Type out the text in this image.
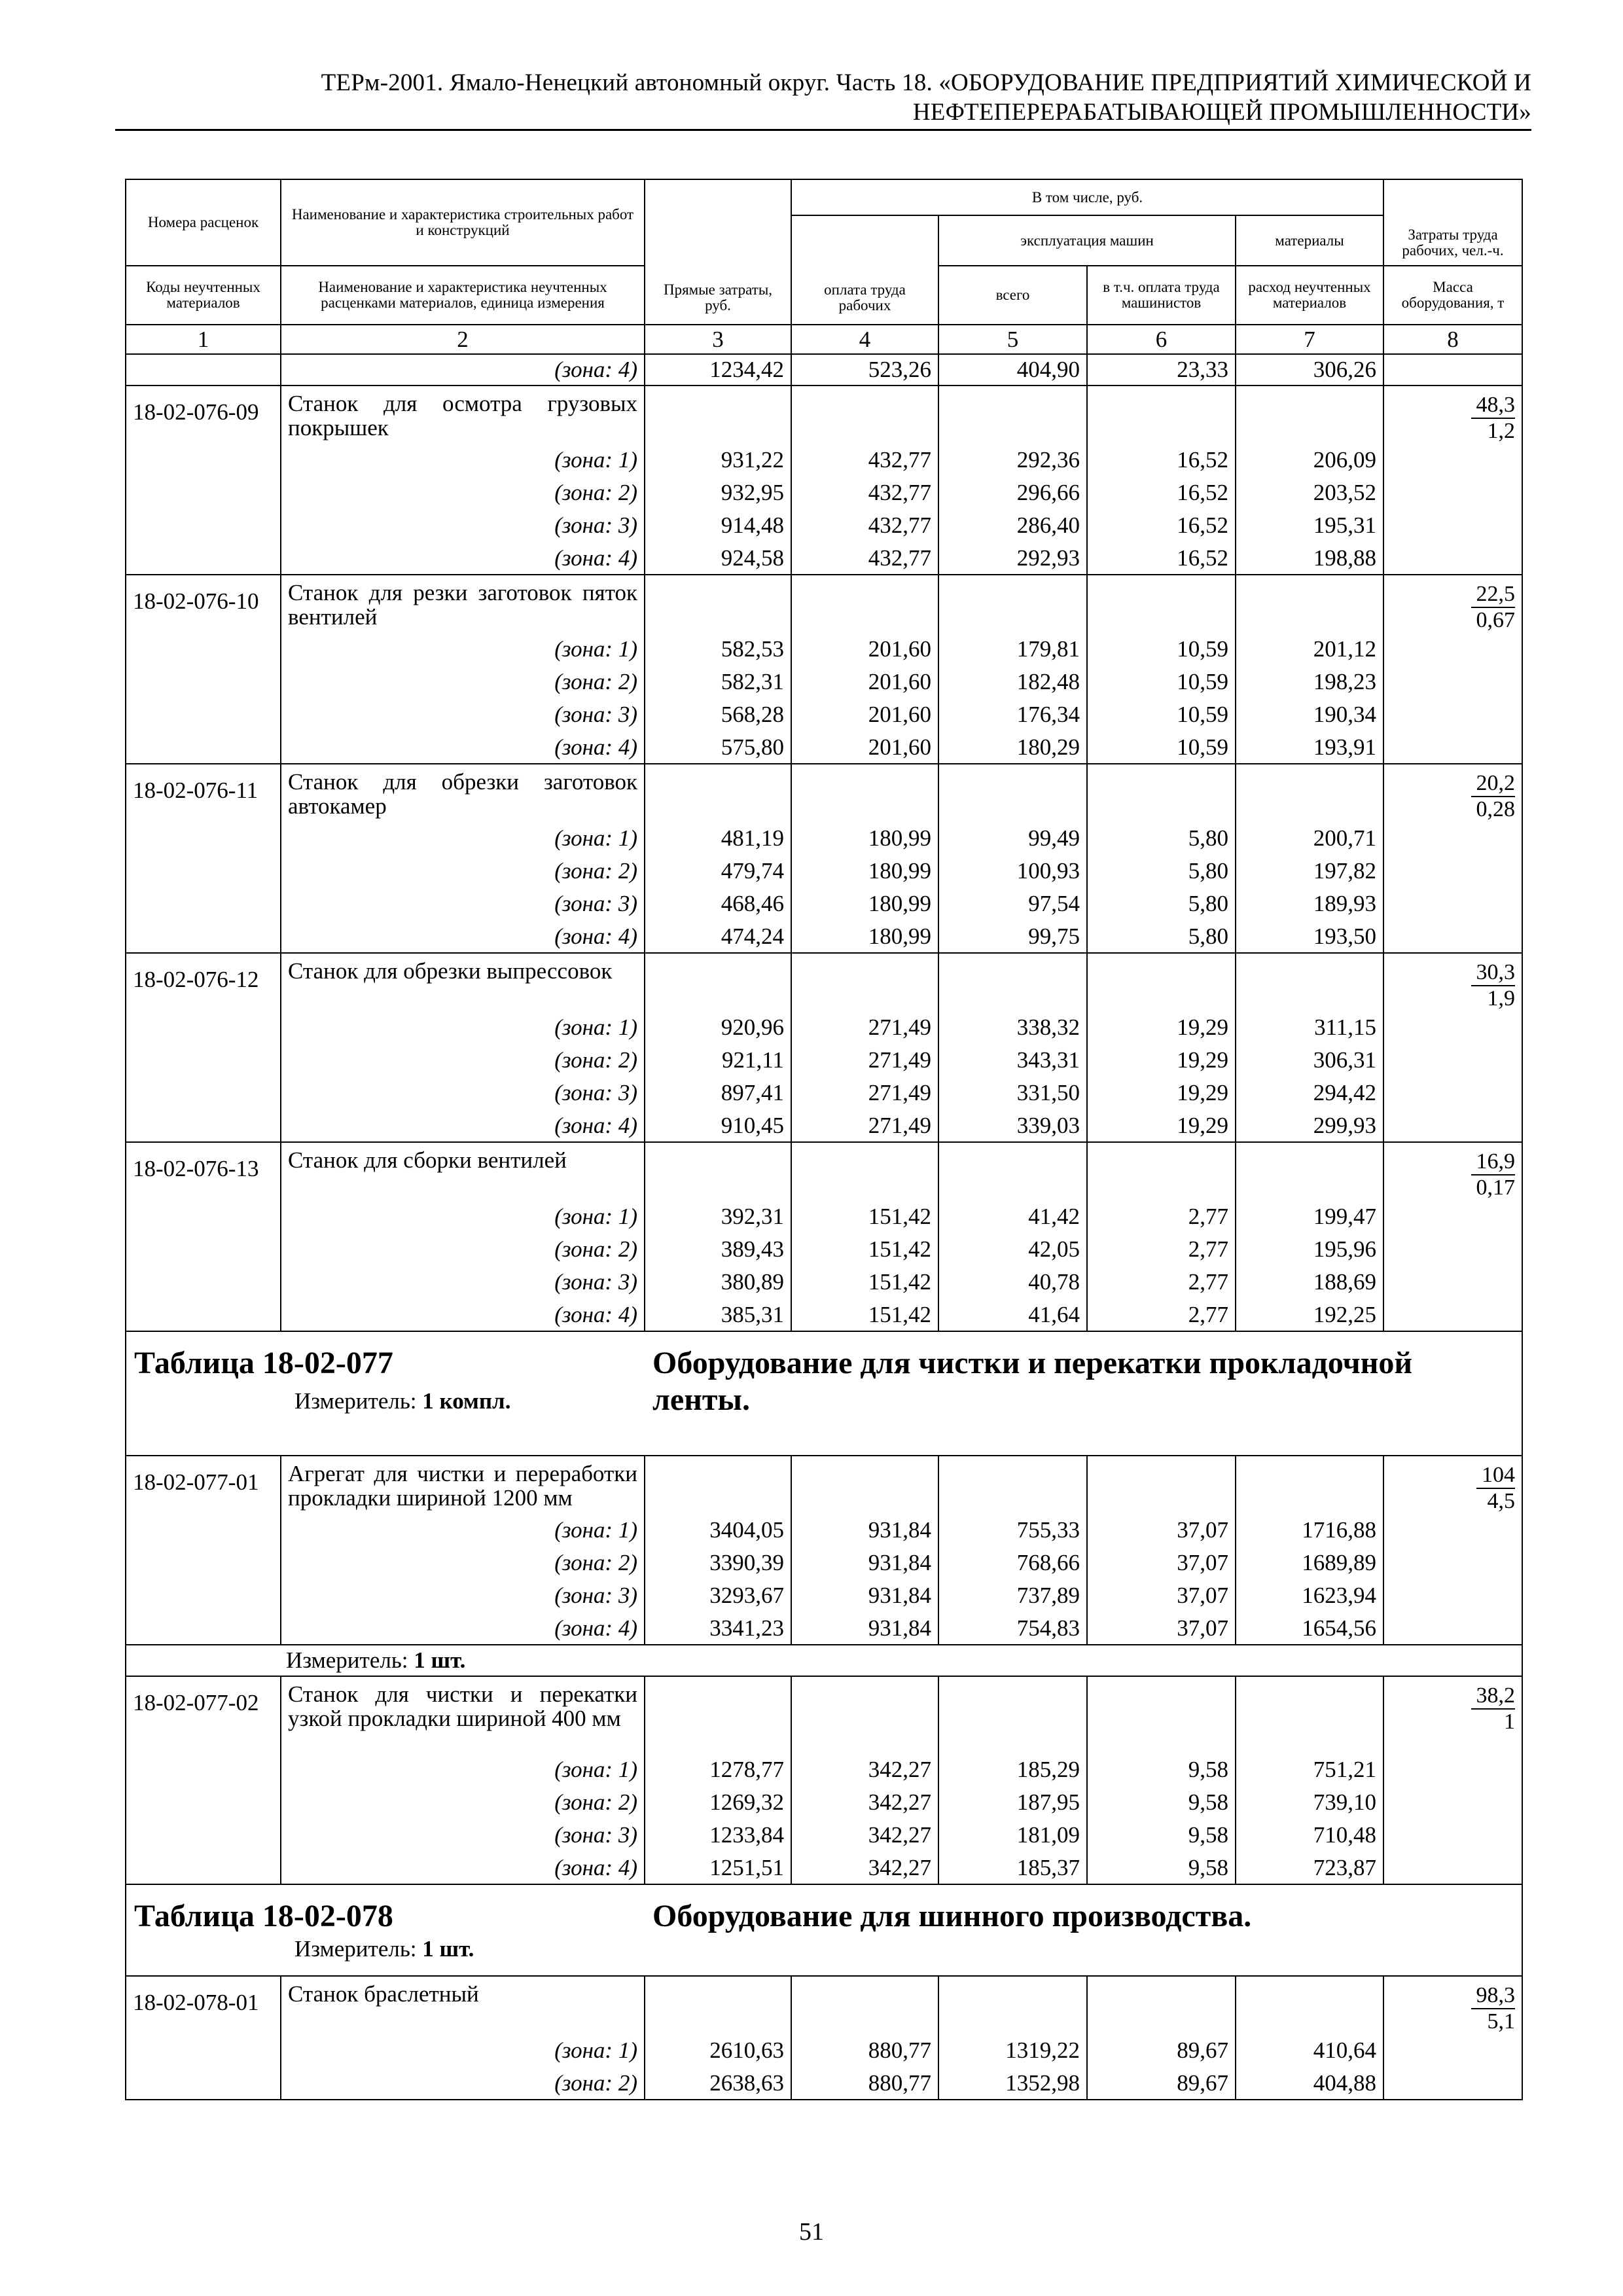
ТЕРм-2001. Ямало-Ненецкий автономный округ. Часть 18. «ОБОРУДОВАНИЕ ПРЕДПРИЯТИЙ ХИМИЧЕСКОЙ И
НЕФТЕПЕРЕРАБАТЫВАЮЩЕЙ ПРОМЫШЛЕННОСТИ»
Номера расценок	Наименование и характеристика строительных работ и конструкций	Прямые затраты, руб.	В том числе, руб.				Затраты труда рабочих, чел.-ч.
			оплата труда рабочих	эксплуатация машин		материалы	
Коды неучтенных материалов	Наименование и характеристика неучтенных расценками материалов, единица измерения			всего	в т.ч. оплата труда машинистов	расход неучтенных материалов	Масса оборудования, т
1	2	3	4	5	6	7	8
	(зона: 4)	1234,42	523,26	404,90	23,33	306,26	
18-02-076-09	Станок для осмотра грузовых покрышек						$\frac{48,3}{1,2}$

	(зона: 1)	931,22	432,77	292,36	16,52	206,09	
	(зона: 2)	932,95	432,77	296,66	16,52	203,52	
	(зона: 3)	914,48	432,77	286,40	16,52	195,31	
	(зона: 4)	924,58	432,77	292,93	16,52	198,88	
18-02-076-10	Станок для резки заготовок пяток вентилей						$\frac{22,5}{0,67}$

	(зона: 1)	582,53	201,60	179,81	10,59	201,12	
	(зона: 2)	582,31	201,60	182,48	10,59	198,23	
	(зона: 3)	568,28	201,60	176,34	10,59	190,34	
	(зона: 4)	575,80	201,60	180,29	10,59	193,91	
18-02-076-11	Станок для обрезки заготовок автокамер						$\frac{20,2}{0,28}$

	(зона: 1)	481,19	180,99	99,49	5,80	200,71	
	(зона: 2)	479,74	180,99	100,93	5,80	197,82	
	(зона: 3)	468,46	180,99	97,54	5,80	189,93	
	(зона: 4)	474,24	180,99	99,75	5,80	193,50	
18-02-076-12	Станок для обрезки выпрессовок						$\frac{30,3}{1,9}$

	(зона: 1)	920,96	271,49	338,32	19,29	311,15	
	(зона: 2)	921,11	271,49	343,31	19,29	306,31	
	(зона: 3)	897,41	271,49	331,50	19,29	294,42	
	(зона: 4)	910,45	271,49	339,03	19,29	299,93	
18-02-076-13	Станок для сборки вентилей						$\frac{16,9}{0,17}$

	(зона: 1)	392,31	151,42	41,42	2,77	199,47	
	(зона: 2)	389,43	151,42	42,05	2,77	195,96	
	(зона: 3)	380,89	151,42	40,78	2,77	188,69	
	(зона: 4)	385,31	151,42	41,64	2,77	192,25	

Таблица 18-02-077
Измеритель: 1 компл.		Оборудование для чистки и перекатки прокладочной ленты.					

18-02-077-01	Агрегат для чистки и переработки прокладки шириной 1200 мм						$\frac{104}{4,5}$

	(зона: 1)	3404,05	931,84	755,33	37,07	1716,88	
	(зона: 2)	3390,39	931,84	768,66	37,07	1689,89	
	(зона: 3)	3293,67	931,84	737,89	37,07	1623,94	
	(зона: 4)	3341,23	931,84	754,83	37,07	1654,56	

Измеритель: 1 шт.							

18-02-077-02	Станок для чистки и перекатки узкой прокладки шириной 400 мм						$\frac{38,2}{1}$

	(зона: 1)	1278,77	342,27	185,29	9,58	751,21	
	(зона: 2)	1269,32	342,27	187,95	9,58	739,10	
	(зона: 3)	1233,84	342,27	181,09	9,58	710,48	
	(зона: 4)	1251,51	342,27	185,37	9,58	723,87	

Таблица 18-02-078
Измеритель: 1 шт.		Оборудование для шинного производства.					

18-02-078-01	Станок браслетный						$\frac{98,3}{5,1}$

	(зона: 1)	2610,63	880,77	1319,22	89,67	410,64	
	(зона: 2)	2638,63	880,77	1352,98	89,67	404,88	
51
